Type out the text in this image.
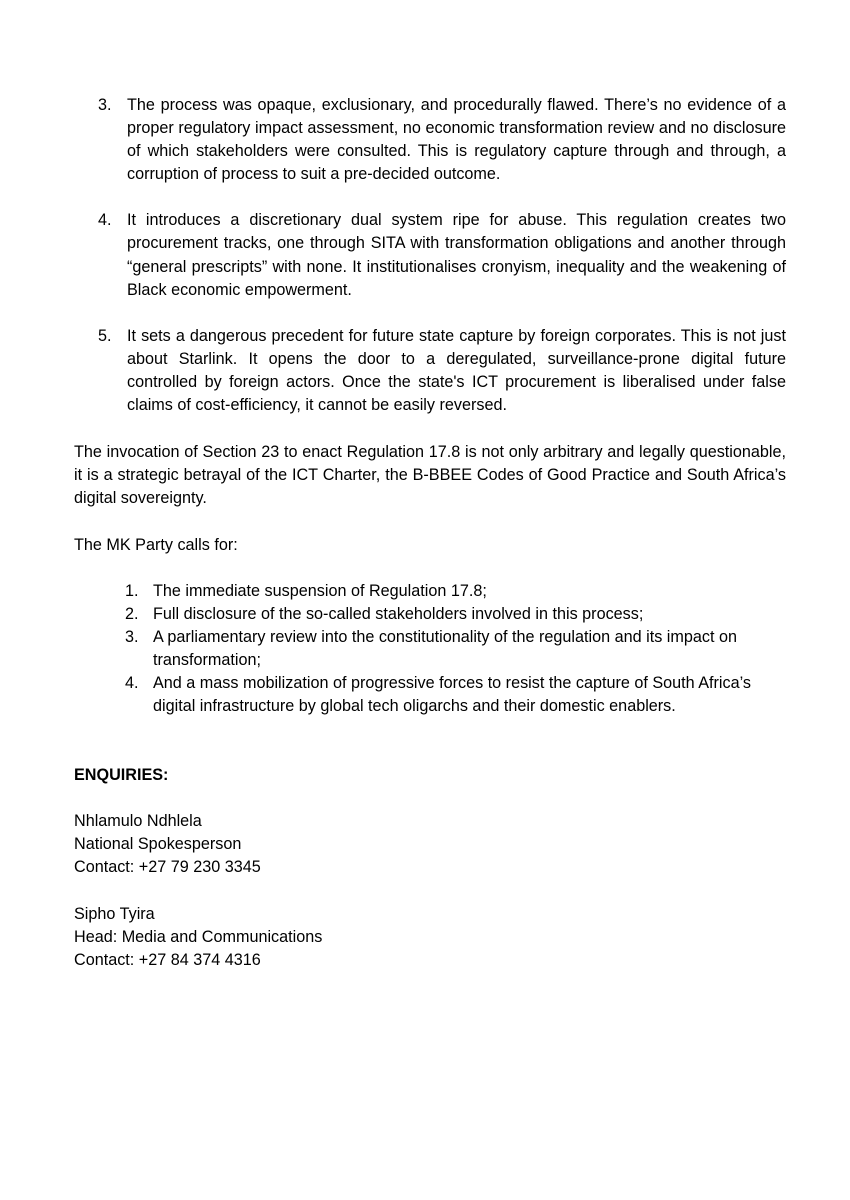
3. The process was opaque, exclusionary, and procedurally flawed. There’s no evidence of a proper regulatory impact assessment, no economic transformation review and no disclosure of which stakeholders were consulted. This is regulatory capture through and through, a corruption of process to suit a pre-decided outcome.
4. It introduces a discretionary dual system ripe for abuse. This regulation creates two procurement tracks, one through SITA with transformation obligations and another through “general prescripts” with none. It institutionalises cronyism, inequality and the weakening of Black economic empowerment.
5. It sets a dangerous precedent for future state capture by foreign corporates. This is not just about Starlink. It opens the door to a deregulated, surveillance-prone digital future controlled by foreign actors. Once the state's ICT procurement is liberalised under false claims of cost-efficiency, it cannot be easily reversed.

The invocation of Section 23 to enact Regulation 17.8 is not only arbitrary and legally questionable, it is a strategic betrayal of the ICT Charter, the B-BBEE Codes of Good Practice and South Africa’s digital sovereignty.

The MK Party calls for:

1. The immediate suspension of Regulation 17.8;
2. Full disclosure of the so-called stakeholders involved in this process;
3. A parliamentary review into the constitutionality of the regulation and its impact on transformation;
4. And a mass mobilization of progressive forces to resist the capture of South Africa’s digital infrastructure by global tech oligarchs and their domestic enablers.

ENQUIRIES:

Nhlamulo Ndhlela
National Spokesperson
Contact: +27 79 230 3345
Sipho Tyira
Head: Media and Communications
Contact: +27 84 374 4316
